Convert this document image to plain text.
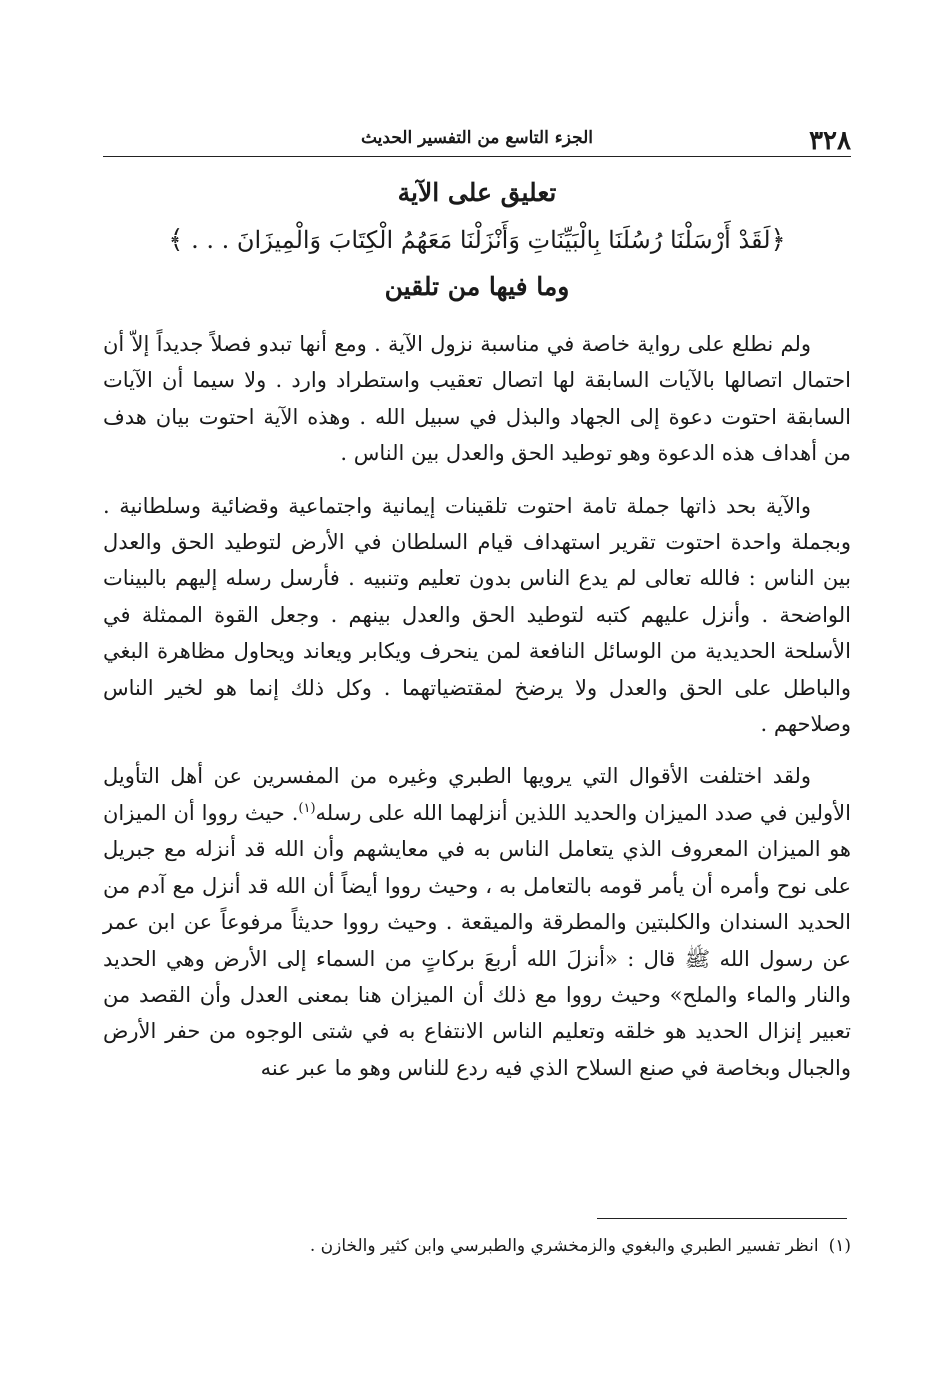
٣٢٨
الجزء التاسع من التفسير الحديث

تعليق على الآية

﴿لَقَدْ أَرْسَلْنَا رُسُلَنَا بِالْبَيِّنَاتِ وَأَنْزَلْنَا مَعَهُمُ الْكِتَابَ وَالْمِيزَانَ . . . ﴾

وما فيها من تلقين

ولم نطلع على رواية خاصة في مناسبة نزول الآية . ومع أنها تبدو فصلاً جديداً إلاّ أن احتمال اتصالها بالآيات السابقة لها اتصال تعقيب واستطراد وارد . ولا سيما أن الآيات السابقة احتوت دعوة إلى الجهاد والبذل في سبيل الله . وهذه الآية احتوت بيان هدف من أهداف هذه الدعوة وهو توطيد الحق والعدل بين الناس .

والآية بحد ذاتها جملة تامة احتوت تلقينات إيمانية واجتماعية وقضائية وسلطانية . وبجملة واحدة احتوت تقرير استهداف قيام السلطان في الأرض لتوطيد الحق والعدل بين الناس : فالله تعالى لم يدع الناس بدون تعليم وتنبيه . فأرسل رسله إليهم بالبينات الواضحة . وأنزل عليهم كتبه لتوطيد الحق والعدل بينهم . وجعل القوة الممثلة في الأسلحة الحديدية من الوسائل النافعة لمن ينحرف ويكابر ويعاند ويحاول مظاهرة البغي والباطل على الحق والعدل ولا يرضخ لمقتضياتهما . وكل ذلك إنما هو لخير الناس وصلاحهم .

ولقد اختلفت الأقوال التي يرويها الطبري وغيره من المفسرين عن أهل التأويل الأولين في صدد الميزان والحديد اللذين أنزلهما الله على رسله$^{(١)}$. حيث رووا أن الميزان هو الميزان المعروف الذي يتعامل الناس به في معايشهم وأن الله قد أنزله مع جبريل على نوح وأمره أن يأمر قومه بالتعامل به ، وحيث رووا أيضاً أن الله قد أنزل مع آدم من الحديد السندان والكلبتين والمطرقة والميقعة . وحيث رووا حديثاً مرفوعاً عن ابن عمر عن رسول الله ﷺ قال : «أنزلَ الله أربعَ بركاتٍ من السماء إلى الأرض وهي الحديد والنار والماء والملح» وحيث رووا مع ذلك أن الميزان هنا بمعنى العدل وأن القصد من تعبير إنزال الحديد هو خلقه وتعليم الناس الانتفاع به في شتى الوجوه من حفر الأرض والجبال وبخاصة في صنع السلاح الذي فيه ردع للناس وهو ما عبر عنه

(١)انظر تفسير الطبري والبغوي والزمخشري والطبرسي وابن كثير والخازن .
